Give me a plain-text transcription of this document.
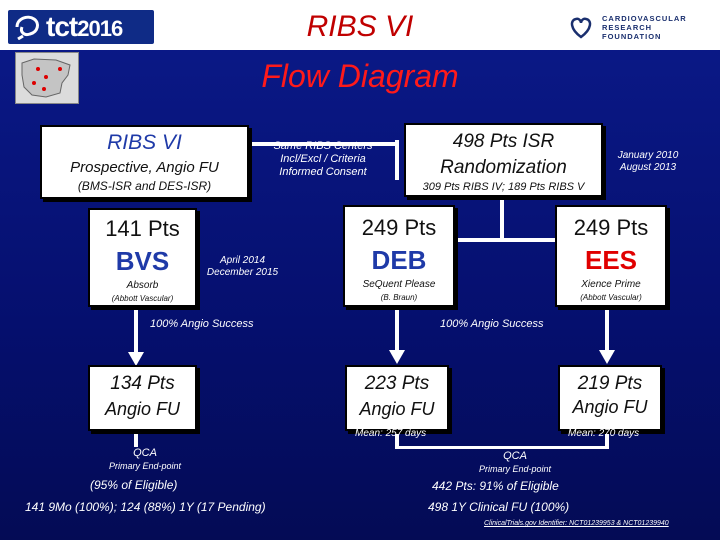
tct2016	RIBS VI	CARDIOVASCULAR
RESEARCH
FOUNDATION
Flow Diagram
RIBS VI
Prospective, Angio FU
(BMS-ISR and DES-ISR)
Same RIBS Centers
Incl/Excl / Criteria
Informed Consent
498 Pts ISR
Randomization
309 Pts RIBS IV; 189 Pts RIBS V
January 2010
August 2013
141 Pts
BVS
Absorb
(Abbott Vascular)
April 2014
December 2015
249 Pts
DEB
SeQuent Please
(B. Braun)
249 Pts
EES
Xience Prime
(Abbott Vascular)
100% Angio Success	100% Angio Success
134 Pts
Angio FU
223 Pts
Angio FU
Mean: 257 days
219 Pts
Angio FU
Mean: 270 days
QCA
Primary End-point
(95% of Eligible)
QCA
Primary End-point
442 Pts: 91% of Eligible
141 9Mo (100%); 124 (88%) 1Y (17 Pending)	498 1Y Clinical FU (100%)
ClinicalTrials.gov Identifier: NCT01239953 & NCT01239940
